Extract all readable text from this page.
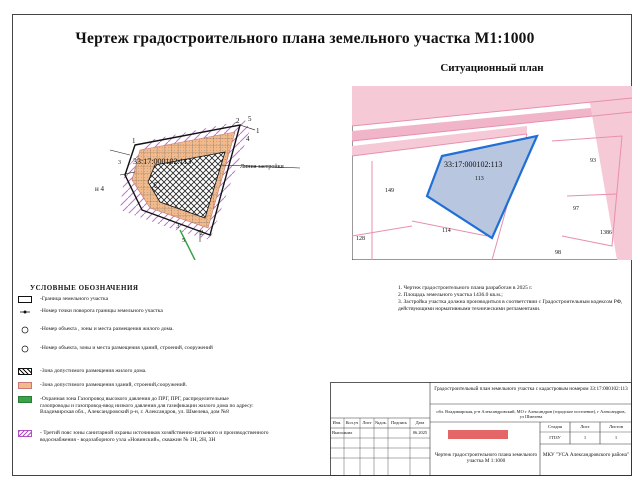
Чертеж градостроительного плана земельного участка М1:1000
33:17:000102:113
Линия застройки
1
2
3
4
5
н 4
2
1
5
3
Ситуационный план
33:17:000102:113
113
93
149
97
1386
114
128
98
УСЛОВНЫЕ ОБОЗНАЧЕНИЯ
-Граница земельного участка
-Номер точки поворота границы земельного участка
-Номер объекта , зоны и места размещения жилого дома.
-Номер объекта, зоны и места размещения зданий, строений, сооружений
-Зона допустимого размещения жилого дома.
-Зона допустимого размещения зданий, строений,сооружений.
-Охранная зона Газопровод высокого давления до ПРГ, ПРГ, распределительные газопроводы и газопровод-ввод низкого давления для газификации жилого дома по адресу: Владимирская обл., Александровский р-н, г. Александров, ул. Шмелева, дом №8
- Третий пояс зоны санитарной охраны источников хозяйственно-питьевого и производственного водоснабжения - водозаборного узла «Новинский», скважин № 1Н, 2Н, 3Н
1. Чертеж градостроительного плана разработан в 2025 г.
2. Площадь земельного участка 1436.0 кв.м.;
3. Застройка участка должна производиться в соответствии с Градостроительным кодексом РФ, действующими нормативными техническими регламентами.
Градостроительный план земельного участка с кадастровым номером 33:17:000102:113
обл. Владимирская, р-н Александровский, МО г Александров (городское поселение), г Александров, ул Шмелева
Изм. Кол.уч Лист №док. Подпись	Дата
Выполнил	06.2025
Чертеж градостроительного плана земельного участка М 1:1000
Стадия	Лист	Листов
ГПЗУ	1	1
МКУ "УСА Александровского района"
